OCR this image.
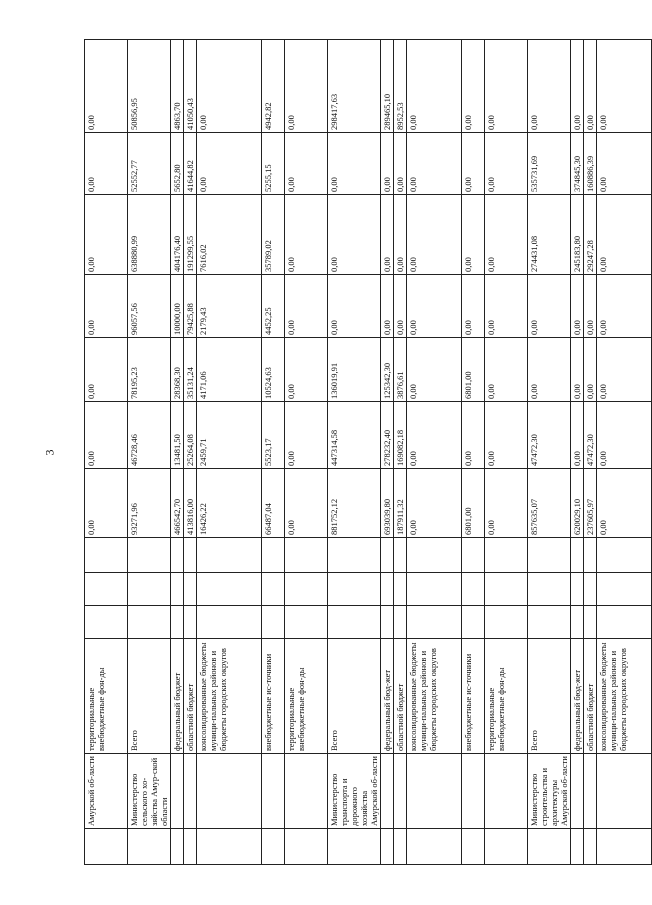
3
	Амурской об-ласти	территориальные внебюджетные фон-ды				0,00	0,00	0,00	0,00	0,00	0,00	0,00
	Министерство сельского хо-зяйства Амур-ской области	Всего				93271,96	46728,46	78195,23	96057,56	638880,99	52552,77	50856,95
		федеральный бюджет				466542,70	13481,50	28368,30	10000,00	404176,40	5652,80	4863,70
		областной бюджет				413816,00	25264,08	35131,24	79425,88	191299,55	41644,82	41050,43
		консолидированные бюджеты муници-пальных районов и бюджеты городских округов				16426,22	2459,71	4171,06	2179,43	7616,02	0,00	0,00
		внебюджетные ис-точники				66487,04	5523,17	10524,63	4452,25	35789,02	5255,15	4942,82
		территориальные внебюджетные фон-ды				0,00	0,00	0,00	0,00	0,00	0,00	0,00
	Министерство транспорта и дорожного хозяйства Амурской об-ласти	Всего				881752,12	447314,58	136019,91	0,00	0,00	0,00	298417,63
		федеральный бюд-жет				693039,80	278232,40	125342,30	0,00	0,00	0,00	289465,10
		областной бюджет				187911,32	169082,18	3876,61	0,00	0,00	0,00	8952,53
		консолидированные бюджеты муници-пальных районов и бюджеты городских округов				0,00	0,00	0,00	0,00	0,00	0,00	0,00
		внебюджетные ис-точники				6801,00	0,00	6801,00	0,00	0,00	0,00	0,00
		территориальные внебюджетные фон-ды				0,00	0,00	0,00	0,00	0,00	0,00	0,00
	Министерство строительства и архитектуры Амурской об-ласти	Всего				857635,07	47472,30	0,00	0,00	274431,08	535731,69	0,00
		федеральный бюд-жет				620029,10	0,00	0,00	0,00	245183,80	374845,30	0,00
		областной бюджет				237605,97	47472,30	0,00	0,00	29247,28	160886,39	0,00
		консолидированные бюджеты муници-пальных районов и бюджеты городских округов				0,00	0,00	0,00	0,00	0,00	0,00	0,00
